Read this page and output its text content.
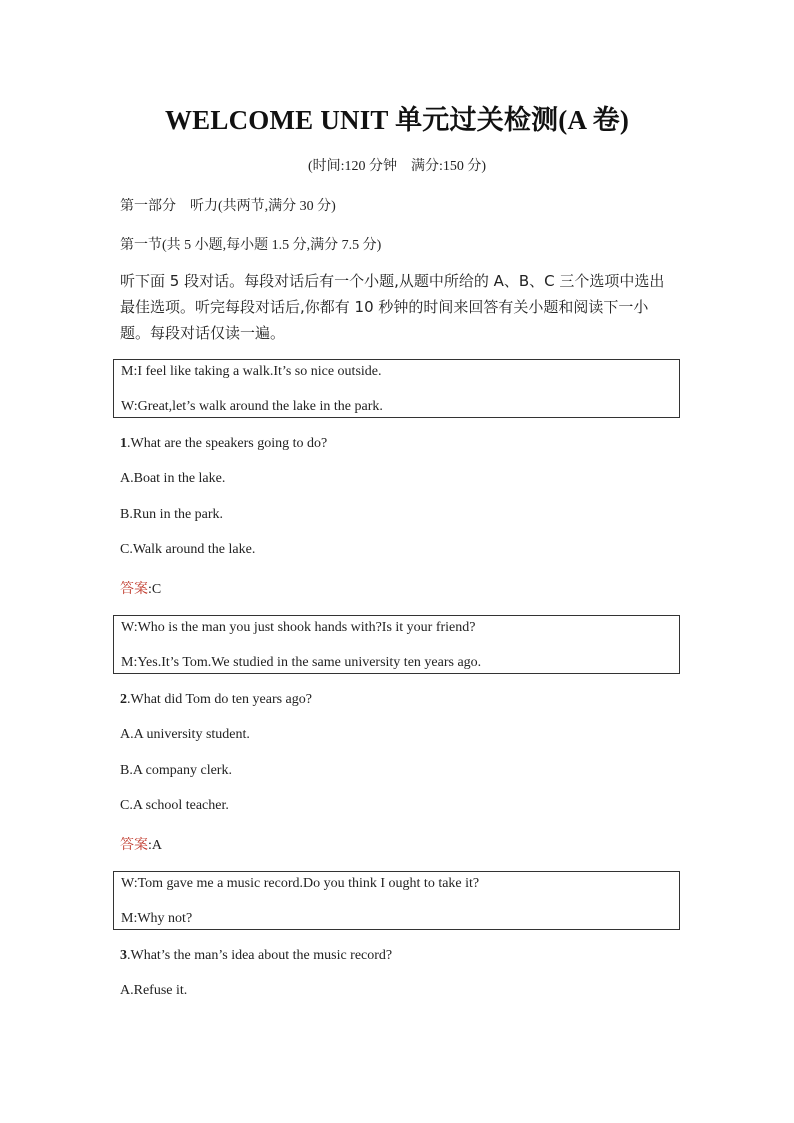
WELCOME UNIT 单元过关检测(A 卷)
(时间:120 分钟　满分:150 分)
第一部分　听力(共两节,满分 30 分)
第一节(共 5 小题,每小题 1.5 分,满分 7.5 分)
听下面 5 段对话。每段对话后有一个小题,从题中所给的 A、B、C 三个选项中选出最佳选项。听完每段对话后,你都有 10 秒钟的时间来回答有关小题和阅读下一小题。每段对话仅读一遍。
M:I feel like taking a walk.It’s so nice outside.
W:Great,let’s walk around the lake in the park.
1.What are the speakers going to do?
A.Boat in the lake.
B.Run in the park.
C.Walk around the lake.
答案:C
W:Who is the man you just shook hands with?Is it your friend?
M:Yes.It’s Tom.We studied in the same university ten years ago.
2.What did Tom do ten years ago?
A.A university student.
B.A company clerk.
C.A school teacher.
答案:A
W:Tom gave me a music record.Do you think I ought to take it?
M:Why not?
3.What’s the man’s idea about the music record?
A.Refuse it.
